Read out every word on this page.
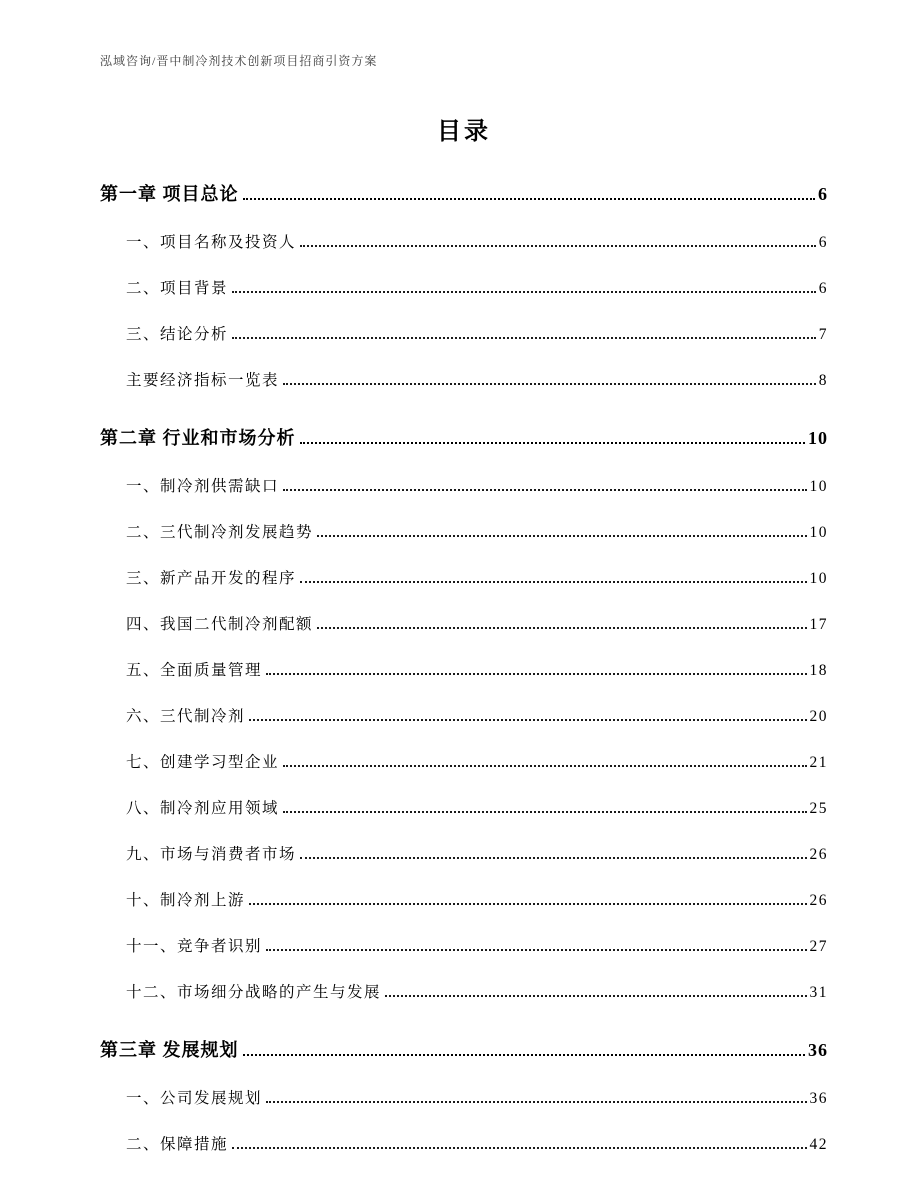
泓域咨询/晋中制冷剂技术创新项目招商引资方案
目录
第一章 项目总论	6
一、项目名称及投资人	6
二、项目背景	6
三、结论分析	7
主要经济指标一览表	8
第二章 行业和市场分析	10
一、制冷剂供需缺口	10
二、三代制冷剂发展趋势	10
三、新产品开发的程序	10
四、我国二代制冷剂配额	17
五、全面质量管理	18
六、三代制冷剂	20
七、创建学习型企业	21
八、制冷剂应用领域	25
九、市场与消费者市场	26
十、制冷剂上游	26
十一、竞争者识别	27
十二、市场细分战略的产生与发展	31
第三章 发展规划	36
一、公司发展规划	36
二、保障措施	42
